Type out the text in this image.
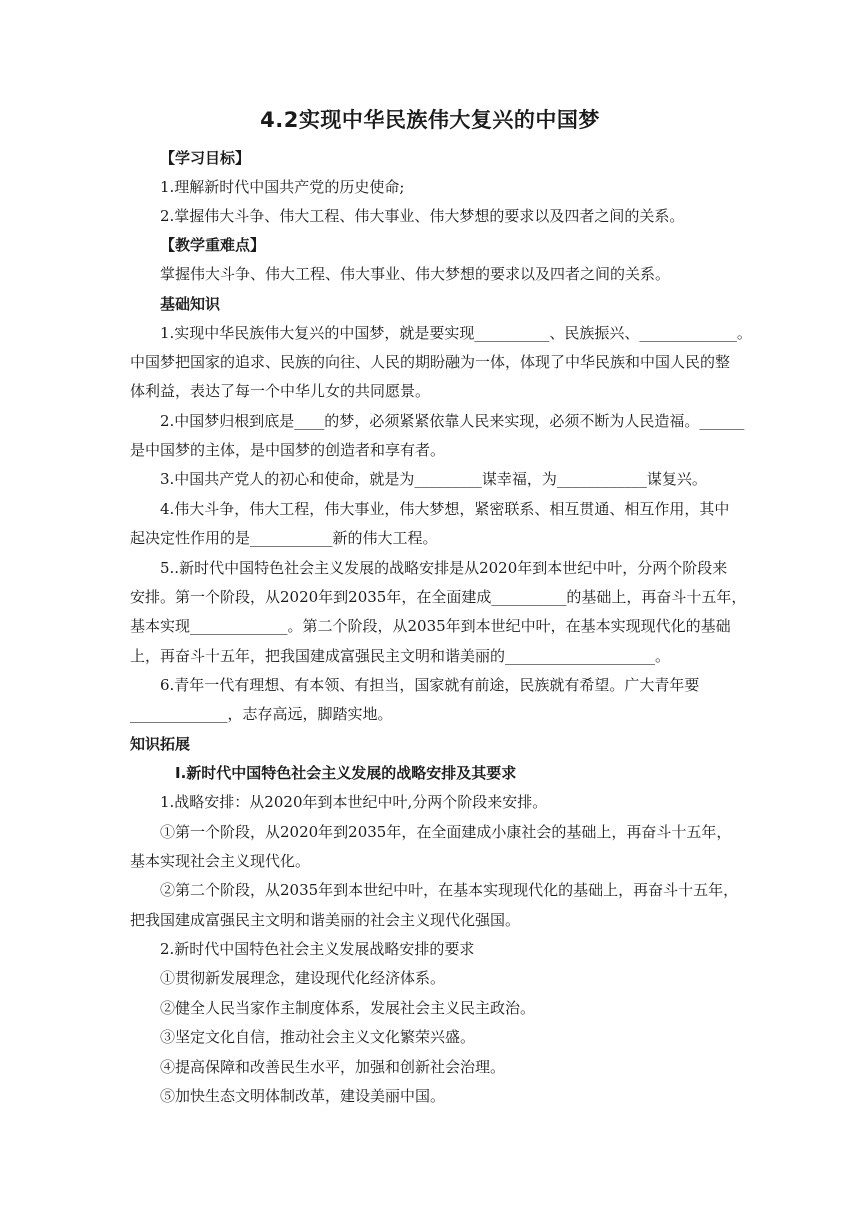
4.2实现中华民族伟大复兴的中国梦
【学习目标】
1.理解新时代中国共产党的历史使命;
2.掌握伟大斗争、伟大工程、伟大事业、伟大梦想的要求以及四者之间的关系。
【教学重难点】
掌握伟大斗争、伟大工程、伟大事业、伟大梦想的要求以及四者之间的关系。
基础知识
1.实现中华民族伟大复兴的中国梦，就是要实现__________、民族振兴、_____________。
中国梦把国家的追求、民族的向往、人民的期盼融为一体，体现了中华民族和中国人民的整
体利益，表达了每一个中华儿女的共同愿景。
2.中国梦归根到底是____的梦，必须紧紧依靠人民来实现，必须不断为人民造福。______
是中国梦的主体，是中国梦的创造者和享有者。
3.中国共产党人的初心和使命，就是为_________谋幸福，为____________谋复兴。
4.伟大斗争，伟大工程，伟大事业，伟大梦想，紧密联系、相互贯通、相互作用，其中
起决定性作用的是___________新的伟大工程。
5..新时代中国特色社会主义发展的战略安排是从2020年到本世纪中叶，分两个阶段来
安排。第一个阶段，从2020年到2035年，在全面建成__________的基础上，再奋斗十五年，
基本实现_____________。第二个阶段，从2035年到本世纪中叶，在基本实现现代化的基础
上，再奋斗十五年，把我国建成富强民主文明和谐美丽的____________________。
6.青年一代有理想、有本领、有担当，国家就有前途，民族就有希望。广大青年要
_____________，志存高远，脚踏实地。
知识拓展
Ⅰ.新时代中国特色社会主义发展的战略安排及其要求
1.战略安排：从2020年到本世纪中叶,分两个阶段来安排。
①第一个阶段，从2020年到2035年，在全面建成小康社会的基础上，再奋斗十五年，
基本实现社会主义现代化。
②第二个阶段，从2035年到本世纪中叶，在基本实现现代化的基础上，再奋斗十五年，
把我国建成富强民主文明和谐美丽的社会主义现代化强国。
2.新时代中国特色社会主义发展战略安排的要求
①贯彻新发展理念，建设现代化经济体系。
②健全人民当家作主制度体系，发展社会主义民主政治。
③坚定文化自信，推动社会主义文化繁荣兴盛。
④提高保障和改善民生水平，加强和创新社会治理。
⑤加快生态文明体制改革，建设美丽中国。
